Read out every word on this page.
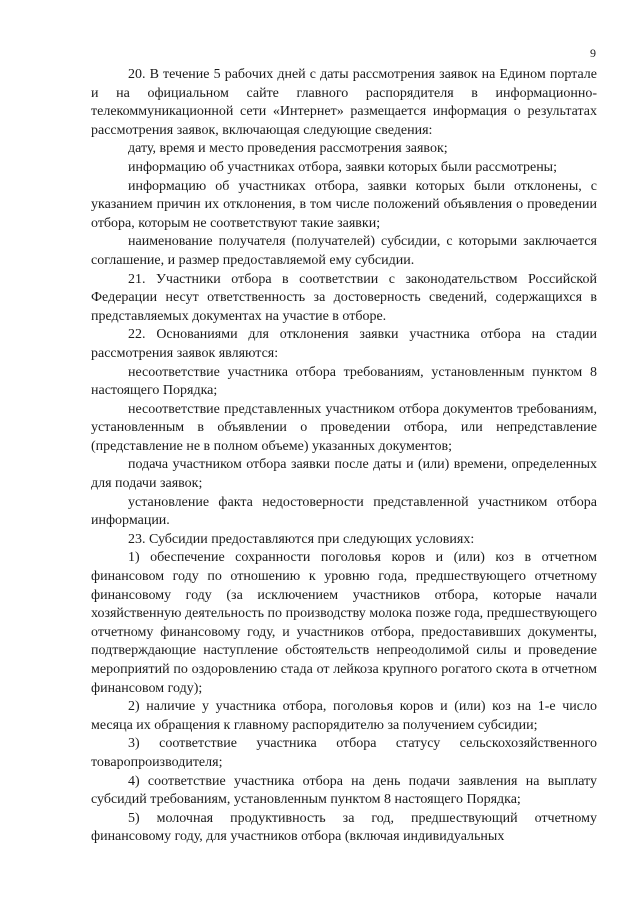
9

20. В течение 5 рабочих дней с даты рассмотрения заявок на Едином портале и на официальном сайте главного распорядителя в информационно-телекоммуникационной сети «Интернет» размещается информация о результатах рассмотрения заявок, включающая следующие сведения:

дату, время и место проведения рассмотрения заявок;

информацию об участниках отбора, заявки которых были рассмотрены;

информацию об участниках отбора, заявки которых были отклонены, с указанием причин их отклонения, в том числе положений объявления о проведении отбора, которым не соответствуют такие заявки;

наименование получателя (получателей) субсидии, с которыми заключается соглашение, и размер предоставляемой ему субсидии.

21. Участники отбора в соответствии с законодательством Российской Федерации несут ответственность за достоверность сведений, содержащихся в представляемых документах на участие в отборе.

22. Основаниями для отклонения заявки участника отбора на стадии рассмотрения заявок являются:

несоответствие участника отбора требованиям, установленным пунктом 8 настоящего Порядка;

несоответствие представленных участником отбора документов требованиям, установленным в объявлении о проведении отбора, или непредставление (представление не в полном объеме) указанных документов;

подача участником отбора заявки после даты и (или) времени, определенных для подачи заявок;

установление факта недостоверности представленной участником отбора информации.

23. Субсидии предоставляются при следующих условиях:

1) обеспечение сохранности поголовья коров и (или) коз в отчетном финансовом году по отношению к уровню года, предшествующего отчетному финансовому году (за исключением участников отбора, которые начали хозяйственную деятельность по производству молока позже года, предшествующего отчетному финансовому году, и участников отбора, предоставивших документы, подтверждающие наступление обстоятельств непреодолимой силы и проведение мероприятий по оздоровлению стада от лейкоза крупного рогатого скота в отчетном финансовом году);

2) наличие у участника отбора, поголовья коров и (или) коз на 1-е число месяца их обращения к главному распорядителю за получением субсидии;

3) соответствие участника отбора статусу сельскохозяйственного товаропроизводителя;

4) соответствие участника отбора на день подачи заявления на выплату субсидий требованиям, установленным пунктом 8 настоящего Порядка;

5) молочная продуктивность за год, предшествующий отчетному финансовому году, для участников отбора (включая индивидуальных
